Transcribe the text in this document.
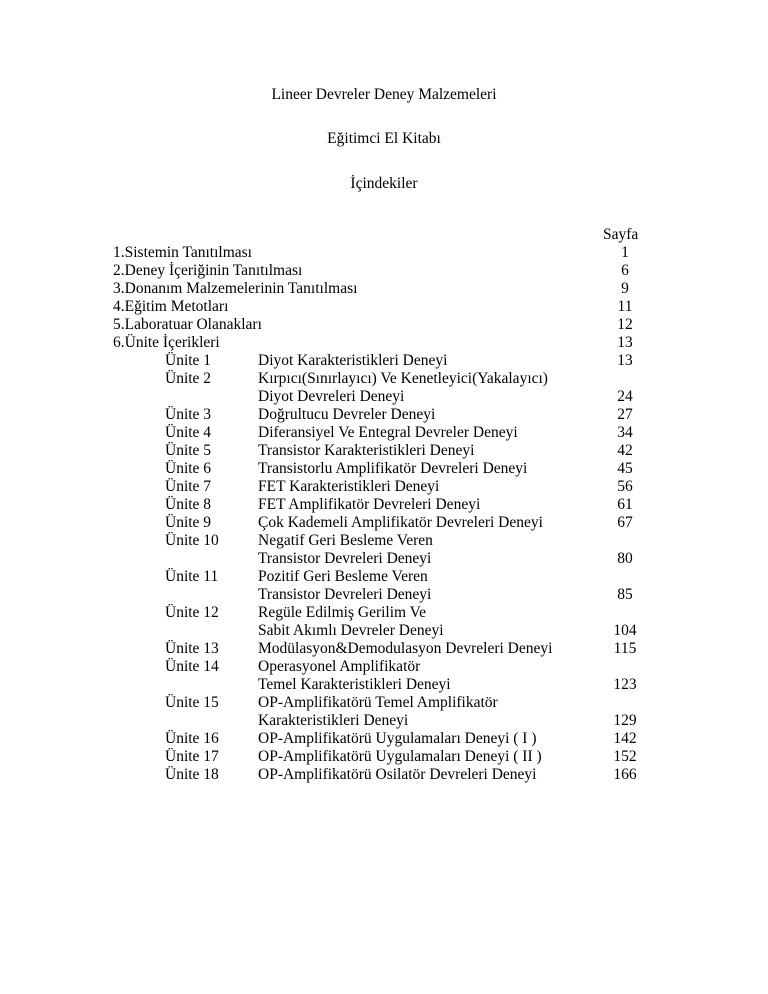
Lineer Devreler Deney Malzemeleri
Eğitimci El Kitabı
İçindekiler
Sayfa
1.Sistemin Tanıtılması	1
2.Deney İçeriğinin Tanıtılması	6
3.Donanım Malzemelerinin Tanıtılması	9
4.Eğitim Metotları	11
5.Laboratuar Olanakları	12
6.Ünite İçerikleri	13
Ünite 1	Diyot Karakteristikleri Deneyi	13
Ünite 2	Kırpıcı(Sınırlayıcı) Ve Kenetleyici(Yakalayıcı)
Diyot Devreleri Deneyi	24
Ünite 3	Doğrultucu Devreler Deneyi	27
Ünite 4	Diferansiyel Ve Entegral Devreler Deneyi	34
Ünite 5	Transistor Karakteristikleri Deneyi	42
Ünite 6	Transistorlu Amplifikatör Devreleri Deneyi	45
Ünite 7	FET Karakteristikleri Deneyi	56
Ünite 8	FET Amplifikatör Devreleri Deneyi	61
Ünite 9	Çok Kademeli Amplifikatör Devreleri Deneyi	67
Ünite 10	Negatif Geri Besleme Veren
Transistor Devreleri Deneyi	80
Ünite 11	Pozitif Geri Besleme Veren
Transistor Devreleri Deneyi	85
Ünite 12	Regüle Edilmiş Gerilim Ve
Sabit Akımlı Devreler Deneyi	104
Ünite 13	Modülasyon&Demodulasyon Devreleri Deneyi	115
Ünite 14	Operasyonel Amplifikatör
Temel Karakteristikleri Deneyi	123
Ünite 15	OP-Amplifikatörü Temel Amplifikatör
Karakteristikleri Deneyi	129
Ünite 16	OP-Amplifikatörü Uygulamaları Deneyi ( I )	142
Ünite 17	OP-Amplifikatörü Uygulamaları Deneyi ( II )	152
Ünite 18	OP-Amplifikatörü Osilatör Devreleri Deneyi	166
